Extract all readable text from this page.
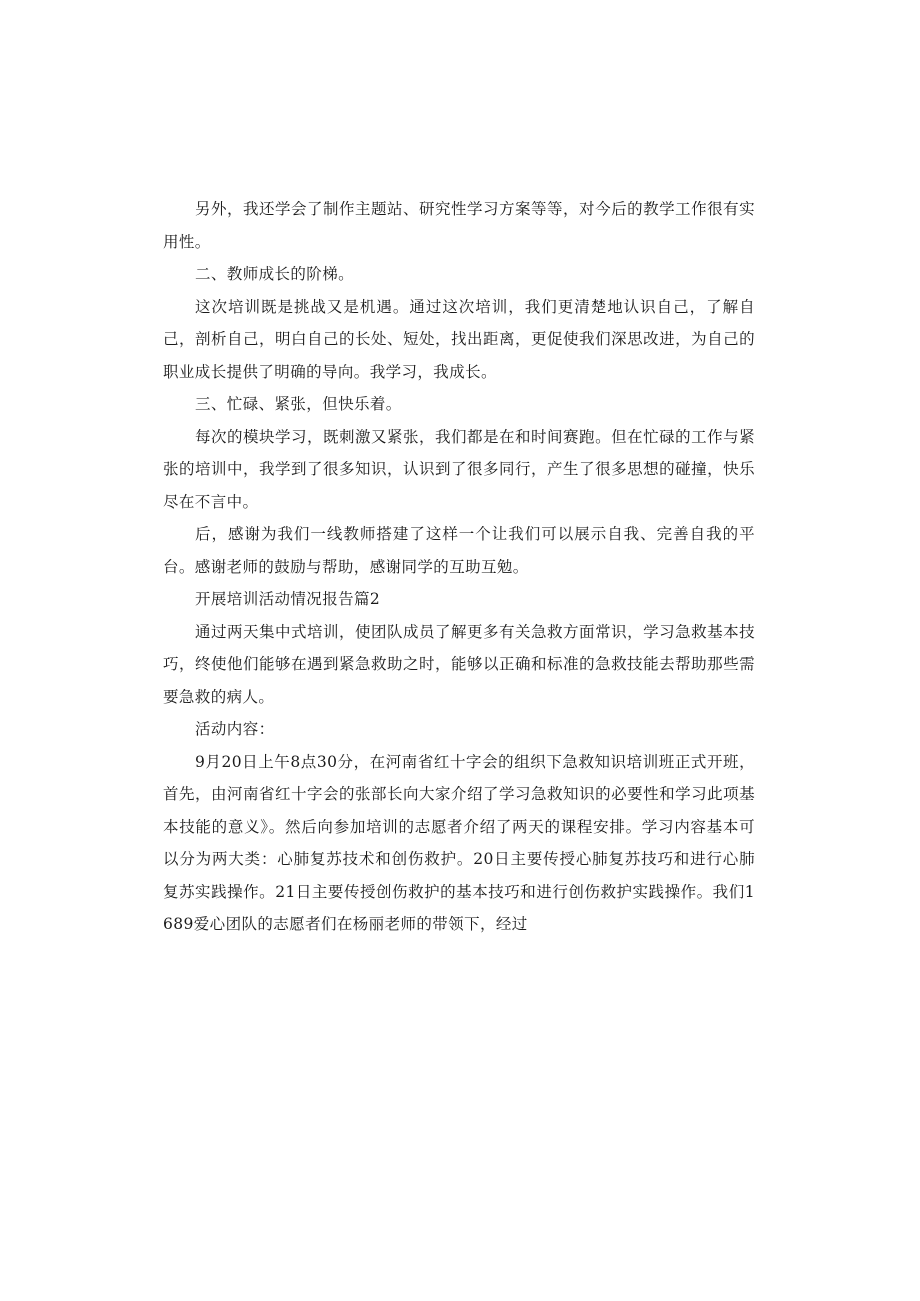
另外，我还学会了制作主题站、研究性学习方案等等，对今后的教学工作很有实用性。

二、教师成长的阶梯。

这次培训既是挑战又是机遇。通过这次培训，我们更清楚地认识自己，了解自己，剖析自己，明白自己的长处、短处，找出距离，更促使我们深思改进，为自己的职业成长提供了明确的导向。我学习，我成长。

三、忙碌、紧张，但快乐着。

每次的模块学习，既刺激又紧张，我们都是在和时间赛跑。但在忙碌的工作与紧张的培训中，我学到了很多知识，认识到了很多同行，产生了很多思想的碰撞，快乐尽在不言中。

后，感谢为我们一线教师搭建了这样一个让我们可以展示自我、完善自我的平台。感谢老师的鼓励与帮助，感谢同学的互助互勉。

开展培训活动情况报告篇2

通过两天集中式培训，使团队成员了解更多有关急救方面常识，学习急救基本技巧，终使他们能够在遇到紧急救助之时，能够以正确和标准的急救技能去帮助那些需要急救的病人。

活动内容：

9月20日上午8点30分，在河南省红十字会的组织下急救知识培训班正式开班，首先，由河南省红十字会的张部长向大家介绍了学习急救知识的必要性和学习此项基本技能的意义》。然后向参加培训的志愿者介绍了两天的课程安排。学习内容基本可以分为两大类：心肺复苏技术和创伤救护。20日主要传授心肺复苏技巧和进行心肺复苏实践操作。21日主要传授创伤救护的基本技巧和进行创伤救护实践操作。我们1689爱心团队的志愿者们在杨丽老师的带领下，经过
